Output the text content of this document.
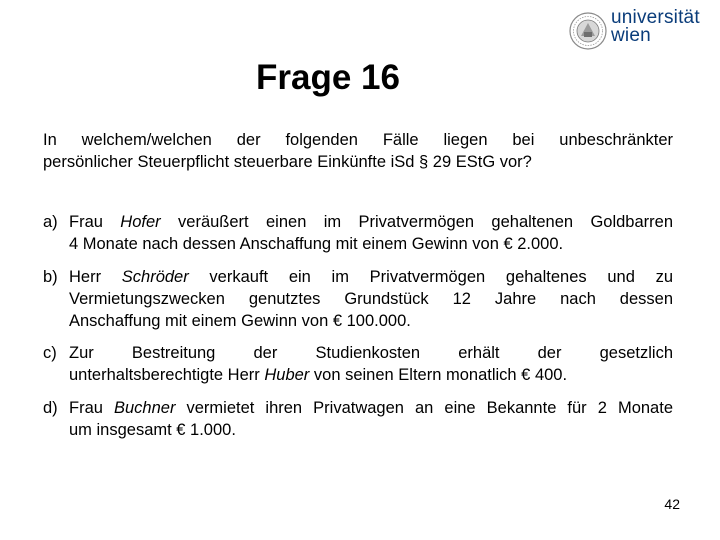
universität
wien
Frage 16
In welchem/welchen der folgenden Fälle liegen bei unbeschränkter
persönlicher Steuerpflicht steuerbare Einkünfte iSd § 29 EStG vor?
a) Frau Hofer veräußert einen im Privatvermögen gehaltenen Goldbarren
4 Monate nach dessen Anschaffung mit einem Gewinn von € 2.000.
b) Herr Schröder verkauft ein im Privatvermögen gehaltenes und zu
Vermietungszwecken genutztes Grundstück 12 Jahre nach dessen
Anschaffung mit einem Gewinn von € 100.000.
c) Zur Bestreitung der Studienkosten erhält der gesetzlich
unterhaltsberechtigte Herr Huber von seinen Eltern monatlich € 400.
d) Frau Buchner vermietet ihren Privatwagen an eine Bekannte für 2 Monate
um insgesamt € 1.000.
42
